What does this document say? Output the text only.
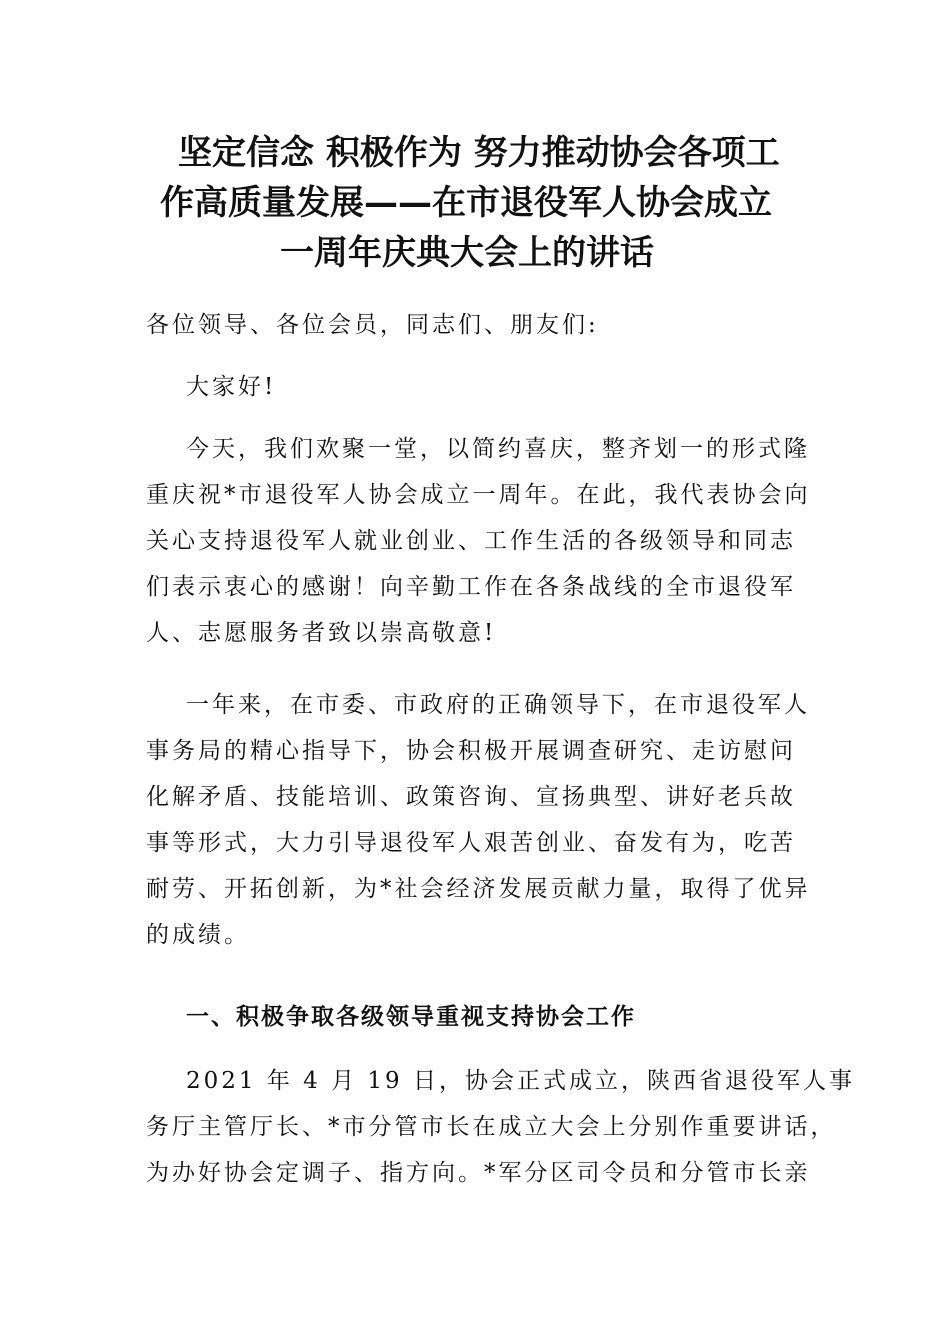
坚定信念 积极作为 努力推动协会各项工
作高质量发展——在市退役军人协会成立
一周年庆典大会上的讲话

各位领导、各位会员，同志们、朋友们:

大家好!

今天，我们欢聚一堂，以简约喜庆，整齐划一的形式隆
重庆祝*市退役军人协会成立一周年。在此，我代表协会向
关心支持退役军人就业创业、工作生活的各级领导和同志
们表示衷心的感谢！向辛勤工作在各条战线的全市退役军
人、志愿服务者致以崇高敬意!
一年来，在市委、市政府的正确领导下，在市退役军人
事务局的精心指导下，协会积极开展调查研究、走访慰问
化解矛盾、技能培训、政策咨询、宣扬典型、讲好老兵故
事等形式，大力引导退役军人艰苦创业、奋发有为，吃苦
耐劳、开拓创新，为*社会经济发展贡献力量，取得了优异
的成绩。
一、积极争取各级领导重视支持协会工作
2021 年 4 月 19 日，协会正式成立，陕西省退役军人事
务厅主管厅长、*市分管市长在成立大会上分别作重要讲话，
为办好协会定调子、指方向。*军分区司令员和分管市长亲
